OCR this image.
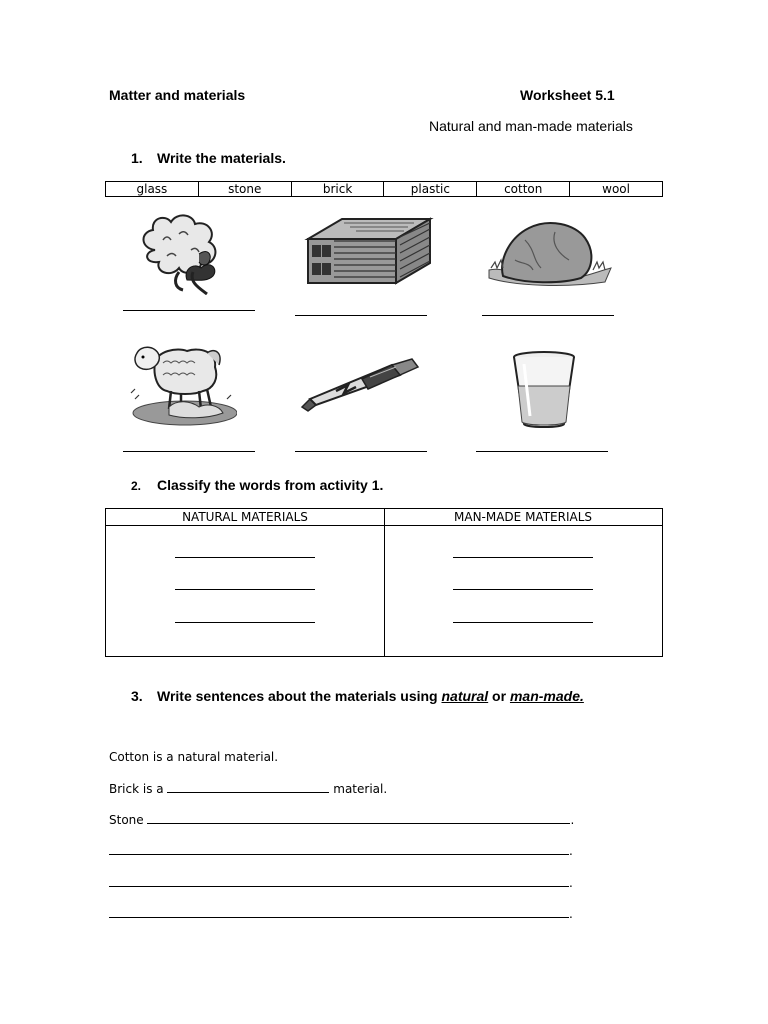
Matter and materials	Worksheet 5.1
Natural and man-made materials
1. Write the materials.
glass	stone	brick	plastic	cotton	wool
2. Classify the words from activity 1.
NATURAL MATERIALS	MAN-MADE MATERIALS
3. Write sentences about the materials using natural or man-made.
Cotton is a natural material.
Brick is a	material.
Stone	.
.
.
.
